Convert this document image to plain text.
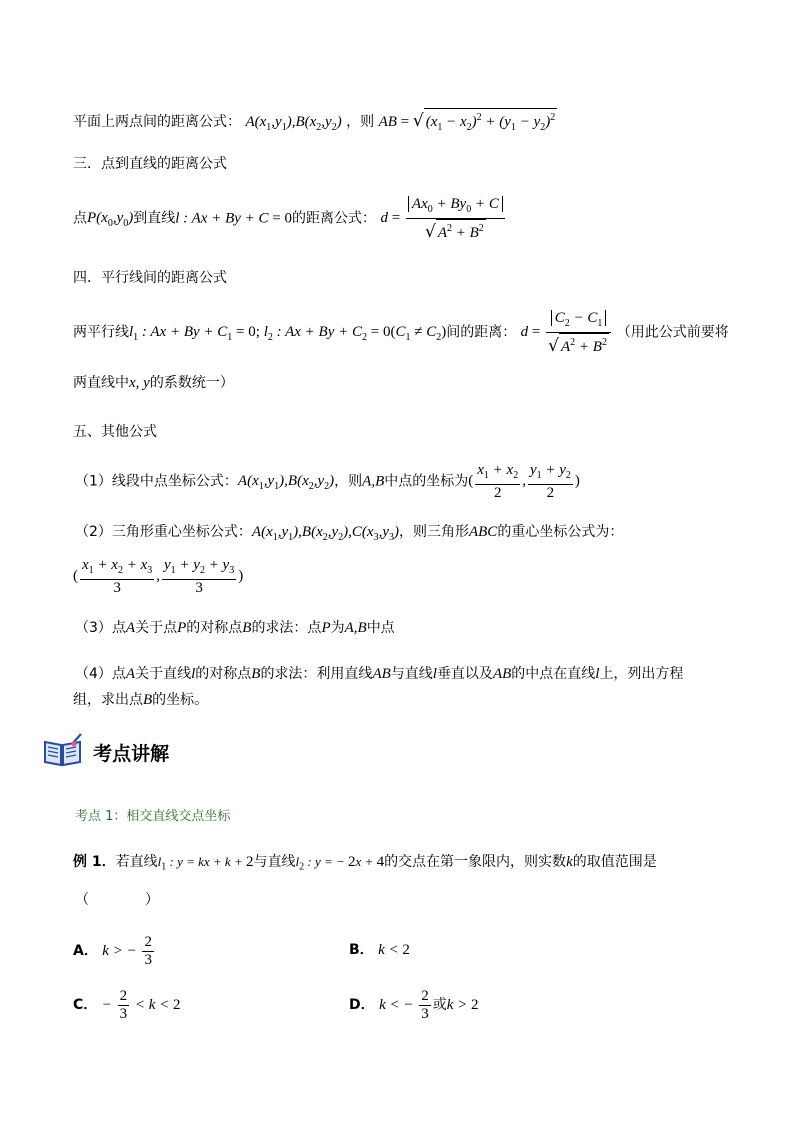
平面上两点间的距离公式： $A(x_1,y_1),B(x_2,y_2)$ ，则 AB = √ $(x_1 - x_2)^2 + (y_1 - y_2)^2$
三．点到直线的距离公式
点$P(x_0,y_0)$到直线l : Ax + By + C = 0的距离公式： $d = \frac{Ax_0 + By_0 + C}{√ A^2 + B^2}$
四．平行线间的距离公式
两平行线$l_1$ : $Ax + By + C_1 = 0$; $l_2$ : $Ax + By + C_2 = 0(C_1 \ne C_2)$间的距离： $d = \frac{C_2 - C_1}{√ A^2 + B^2}$ （用此公式前要将
两直线中x, y的系数统一）
五、其他公式
（1）线段中点坐标公式：$A(x_1,y_1),B(x_2,y_2)$，则A,B中点的坐标为( $\frac{x_1 + x_2}{2}$ , $\frac{y_1 + y_2}{2}$ )
（2）三角形重心坐标公式：$A(x_1,y_1),B(x_2,y_2),C(x_3,y_3)$，则三角形ABC的重心坐标公式为：
( $\frac{x_1 + x_2 + x_3}{3}$ , $\frac{y_1 + y_2 + y_3}{3}$ )
（3）点A关于点P的对称点B的求法：点P为A,B中点
（4）点A关于直线l的对称点B的求法：利用直线AB与直线l垂直以及AB的中点在直线l上，列出方程
组，求出点B的坐标。
考点讲解
考点 1：相交直线交点坐标
例 1．若直线$l_1$ : y = kx + k + 2与直线$l_2$ : y = − 2x + 4的交点在第一象限内，则实数k的取值范围是
（　　　　）
A． k > − $\frac{2}{3}$	B． k < 2
C． − $\frac{2}{3} < k < 2$	D． k < − $\frac{2}{3}$ 或k > 2
